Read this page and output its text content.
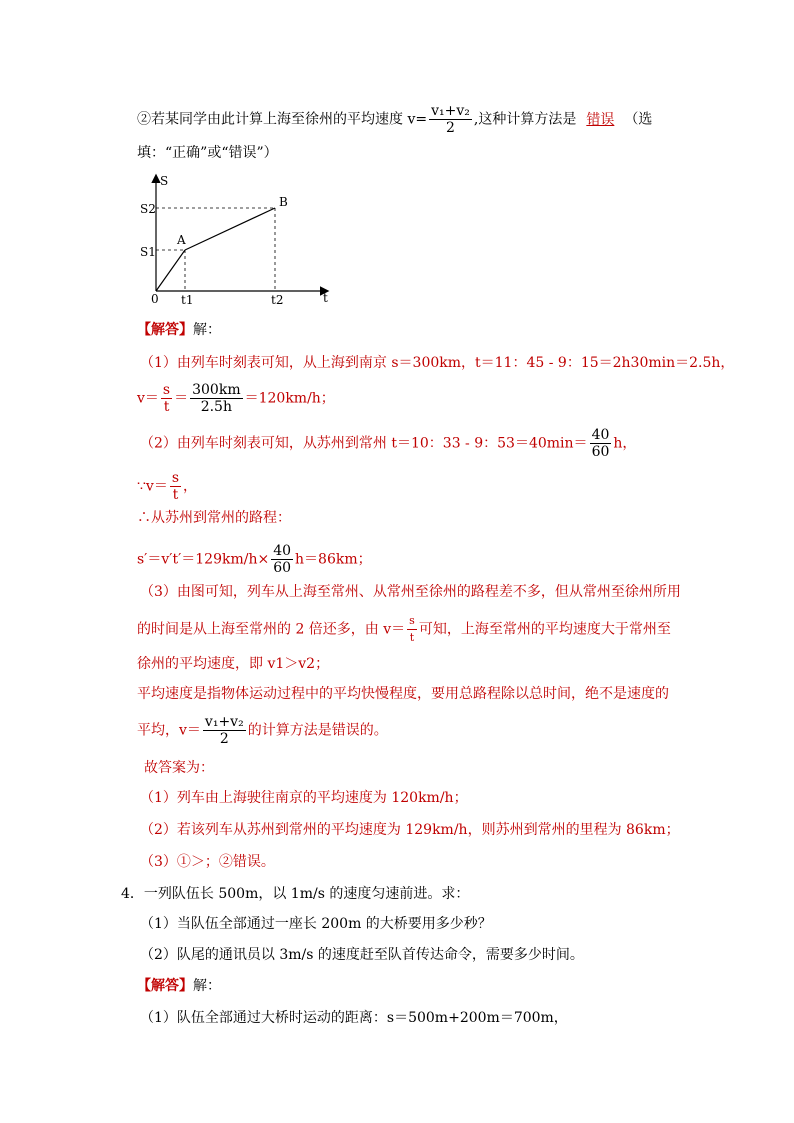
②若某同学由此计算上海至徐州的平均速度 $v= \frac{\text{v₁+v₂}}{2}$ ,这种计算方法是 错误 （选
填：“正确”或“错误”）
S
t
S2
S1
0 t1	t2
A
B
【解答】解：
（1）由列车时刻表可知，从上海到南京 s＝300km，t＝11：45 - 9：15＝2h30min＝2.5h，
$v= \frac{s}{t} = \frac{300km}{2.5h} =120km/h$；
（2）由列车时刻表可知，从苏州到常州 t＝10：33 - 9：$53=40\min= \frac{40}{60}$ h，
∵v＝ $\frac{s}{t}$ ，
∴从苏州到常州的路程：
$s'=v't'=129km/h\times \frac{40}{60} h=86km$；
（3）由图可知，列车从上海至常州、从常州至徐州的路程差不多，但从常州至徐州所用
的时间是从上海至常州的 2 倍还多，由 $v= \frac{s}{t}$ 可知，上海至常州的平均速度大于常州至
徐州的平均速度，即 v1＞v2；
平均速度是指物体运动过程中的平均快慢程度，要用总路程除以总时间，绝不是速度的
平均，$v= \frac{\text{v₁+v₂}}{2}$ 的计算方法是错误的。
故答案为：
（1）列车由上海驶往南京的平均速度为 120km/h；
（2）若该列车从苏州到常州的平均速度为 129km/h，则苏州到常州的里程为 86km；
（3）①＞；②错误。
4．一列队伍长 500m，以 1m/s 的速度匀速前进。求：
（1）当队伍全部通过一座长 200m 的大桥要用多少秒？
（2）队尾的通讯员以 3m/s 的速度赶至队首传达命令，需要多少时间。
【解答】解：
（1）队伍全部通过大桥时运动的距离：s＝500m+200m＝700m，
